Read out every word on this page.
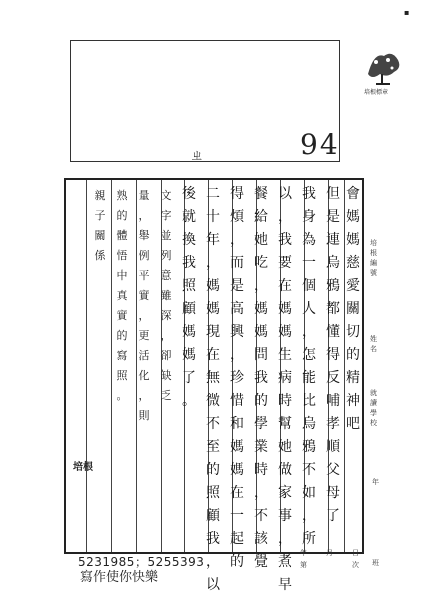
▪
94
ㄓ
培根標章
培根編號
姓名
就讀學校
年
班
會
媽
媽
慈
愛
關
切
的
精
神
吧
但
是
連
烏
鴉
都
懂
得
反
哺
孝
順
父
母
了
我
身
為
一
個
人
，
怎
能
比
烏
鴉
不
如
，
所
以
，
我
要
在
媽
媽
生
病
時
幫
她
做
家
事
，
煮
早
餐
給
她
吃
，
媽
媽
問
我
的
學
業
時
，
不
該
覺
得
煩
，
而
是
高
興
，
珍
惜
和
媽
媽
在
一
起
的
二
十
年
，
媽
媽
現
在
無
微
不
至
的
照
顧
我
，
以
後
就
換
我
照
顧
媽
媽
了
。
文
字
並
列
意
雖
深
，
卻
缺
乏
量
，
舉
例
平
實
，
更
活
化
，
則
熟
的
體
悟
中
真
實
的
寫
照
。
親
子
關
係
培根
年	月	日
第	次
5231985；5255393
寫作使你快樂
